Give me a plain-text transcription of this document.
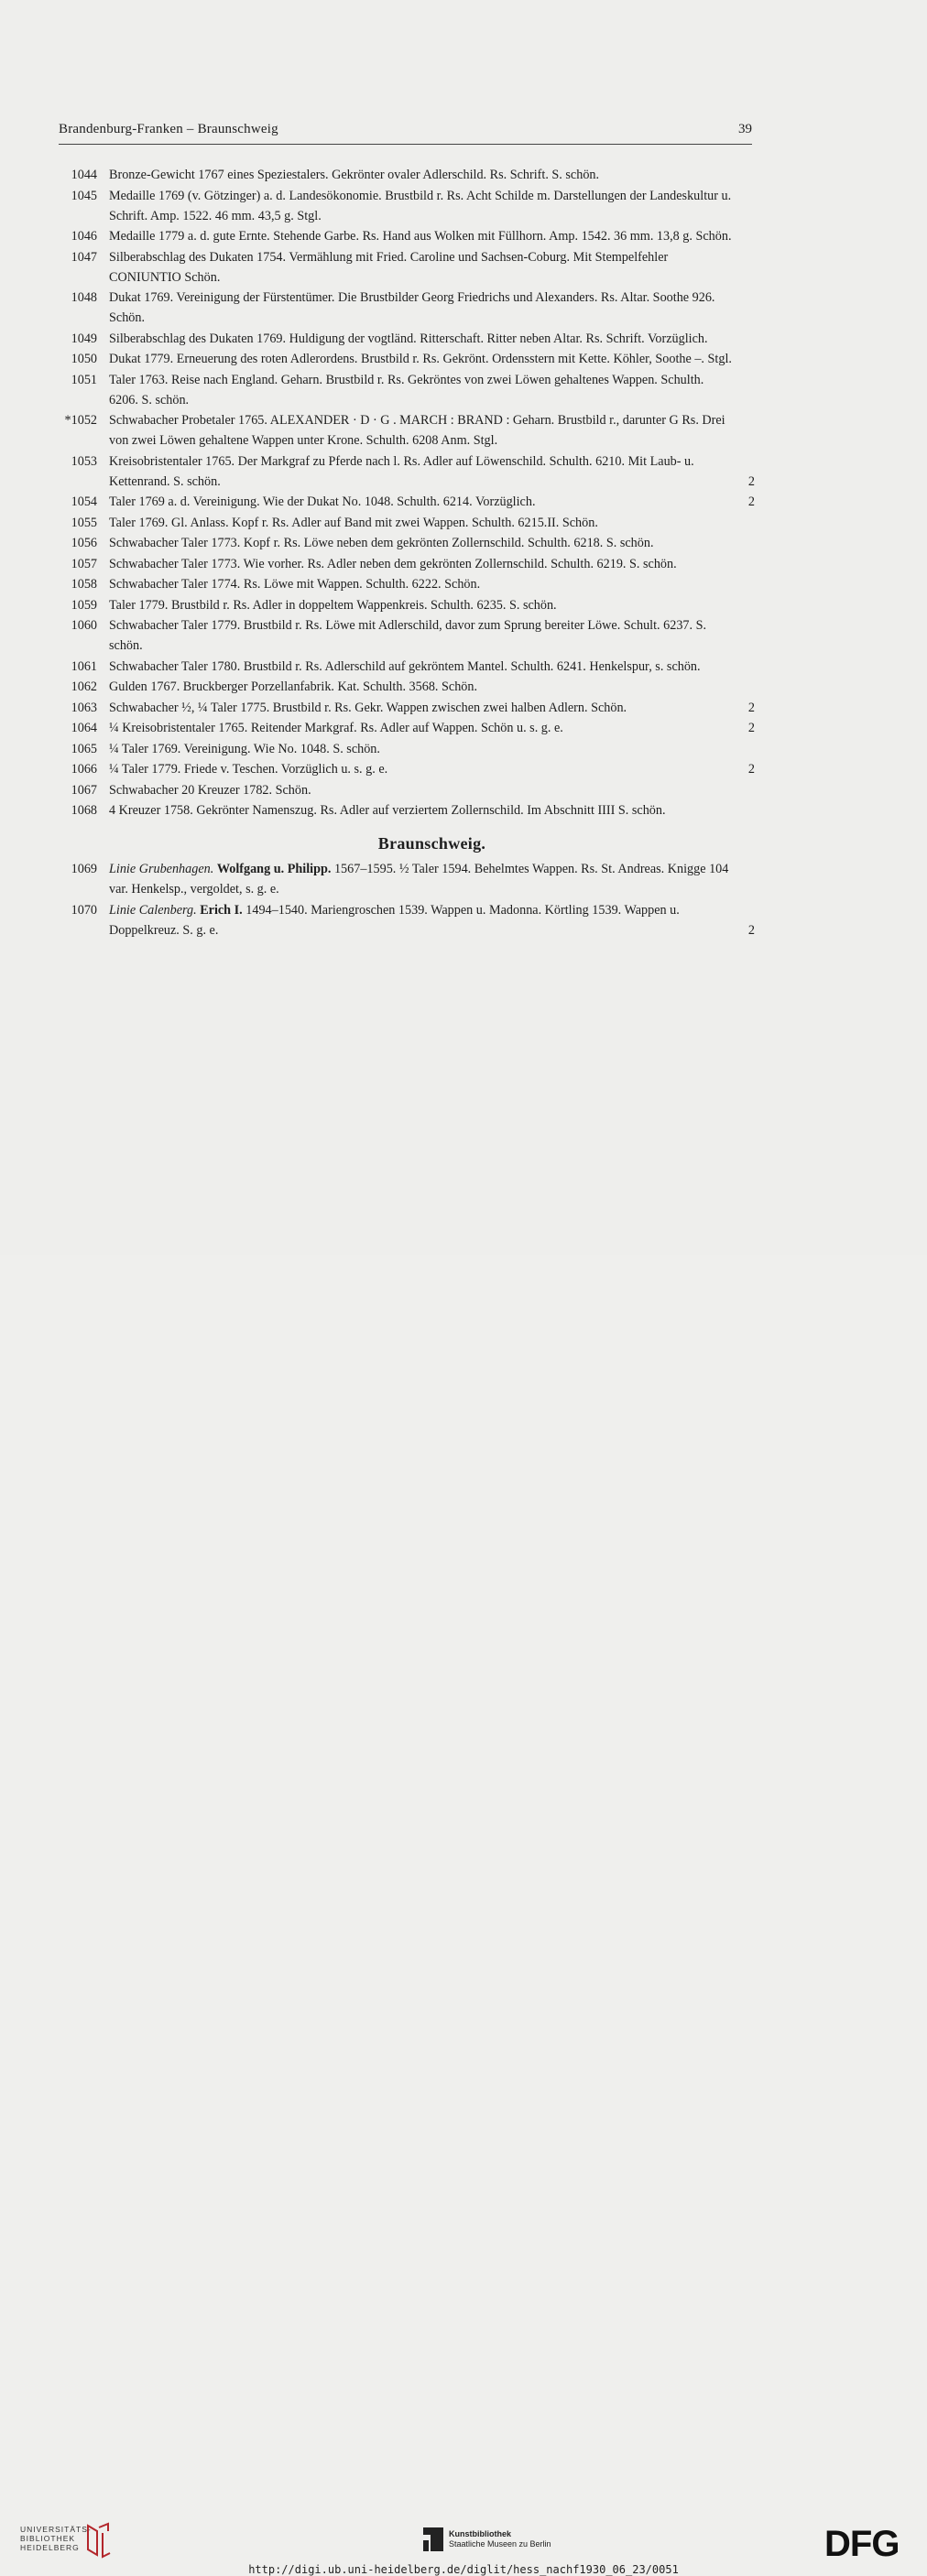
Brandenburg-Franken – Braunschweig	39
1044 Bronze-Gewicht 1767 eines Speziestalers. Gekrönter ovaler Adlerschild. Rs. Schrift. S. schön.
1045 Medaille 1769 (v. Götzinger) a. d. Landesökonomie. Brustbild r. Rs. Acht Schilde m. Darstellungen der Landeskultur u. Schrift. Amp. 1522. 46 mm. 43,5 g. Stgl.
1046 Medaille 1779 a. d. gute Ernte. Stehende Garbe. Rs. Hand aus Wolken mit Füllhorn. Amp. 1542. 36 mm. 13,8 g. Schön.
1047 Silberabschlag des Dukaten 1754. Vermählung mit Fried. Caroline und Sachsen-Coburg. Mit Stempelfehler CONIUNTIO Schön.
1048 Dukat 1769. Vereinigung der Fürstentümer. Die Brustbilder Georg Friedrichs und Alexanders. Rs. Altar. Soothe 926. Schön.
1049 Silberabschlag des Dukaten 1769. Huldigung der vogtländ. Ritterschaft. Ritter neben Altar. Rs. Schrift. Vorzüglich.
1050 Dukat 1779. Erneuerung des roten Adlerordens. Brustbild r. Rs. Gekrönt. Ordensstern mit Kette. Köhler, Soothe –. Stgl.
1051 Taler 1763. Reise nach England. Geharn. Brustbild r. Rs. Gekröntes von zwei Löwen gehaltenes Wappen. Schulth. 6206. S. schön.
*1052 Schwabacher Probetaler 1765. ALEXANDER · D · G . MARCH : BRAND : Geharn. Brustbild r., darunter G Rs. Drei von zwei Löwen gehaltene Wappen unter Krone. Schulth. 6208 Anm. Stgl.
1053 Kreisobristentaler 1765. Der Markgraf zu Pferde nach l. Rs. Adler auf Löwenschild. Schulth. 6210. Mit Laub- u. Kettenrand. S. schön.	2
1054 Taler 1769 a. d. Vereinigung. Wie der Dukat No. 1048. Schulth. 6214. Vorzüglich.	2
1055 Taler 1769. Gl. Anlass. Kopf r. Rs. Adler auf Band mit zwei Wappen. Schulth. 6215.II. Schön.
1056 Schwabacher Taler 1773. Kopf r. Rs. Löwe neben dem gekrönten Zollernschild. Schulth. 6218. S. schön.
1057 Schwabacher Taler 1773. Wie vorher. Rs. Adler neben dem gekrönten Zollernschild. Schulth. 6219. S. schön.
1058 Schwabacher Taler 1774. Rs. Löwe mit Wappen. Schulth. 6222. Schön.
1059 Taler 1779. Brustbild r. Rs. Adler in doppeltem Wappenkreis. Schulth. 6235. S. schön.
1060 Schwabacher Taler 1779. Brustbild r. Rs. Löwe mit Adlerschild, davor zum Sprung bereiter Löwe. Schult. 6237. S. schön.
1061 Schwabacher Taler 1780. Brustbild r. Rs. Adlerschild auf gekröntem Mantel. Schulth. 6241. Henkelspur, s. schön.
1062 Gulden 1767. Bruckberger Porzellanfabrik. Kat. Schulth. 3568. Schön.
1063 Schwabacher ½, ¼ Taler 1775. Brustbild r. Rs. Gekr. Wappen zwischen zwei halben Adlern. Schön.	2
1064 ¼ Kreisobristentaler 1765. Reitender Markgraf. Rs. Adler auf Wappen. Schön u. s. g. e.	2
1065 ¼ Taler 1769. Vereinigung. Wie No. 1048. S. schön.
1066 ¼ Taler 1779. Friede v. Teschen. Vorzüglich u. s. g. e.	2
1067 Schwabacher 20 Kreuzer 1782. Schön.
1068 4 Kreuzer 1758. Gekrönter Namenszug. Rs. Adler auf verziertem Zollernschild. Im Abschnitt IIII S. schön.
Braunschweig.
1069 Linie Grubenhagen. Wolfgang u. Philipp. 1567–1595. ½ Taler 1594. Behelmtes Wappen. Rs. St. Andreas. Knigge 104 var. Henkelsp., vergoldet, s. g. e.
1070 Linie Calenberg. Erich I. 1494–1540. Mariengroschen 1539. Wappen u. Madonna. Körtling 1539. Wappen u. Doppelkreuz. S. g. e.	2
UNIVERSITÄTS-
BIBLIOTHEK
HEIDELBERG
Kunstbibliothek
Staatliche Museen zu Berlin	DFG
http://digi.ub.uni-heidelberg.de/diglit/hess_nachf1930_06_23/0051
